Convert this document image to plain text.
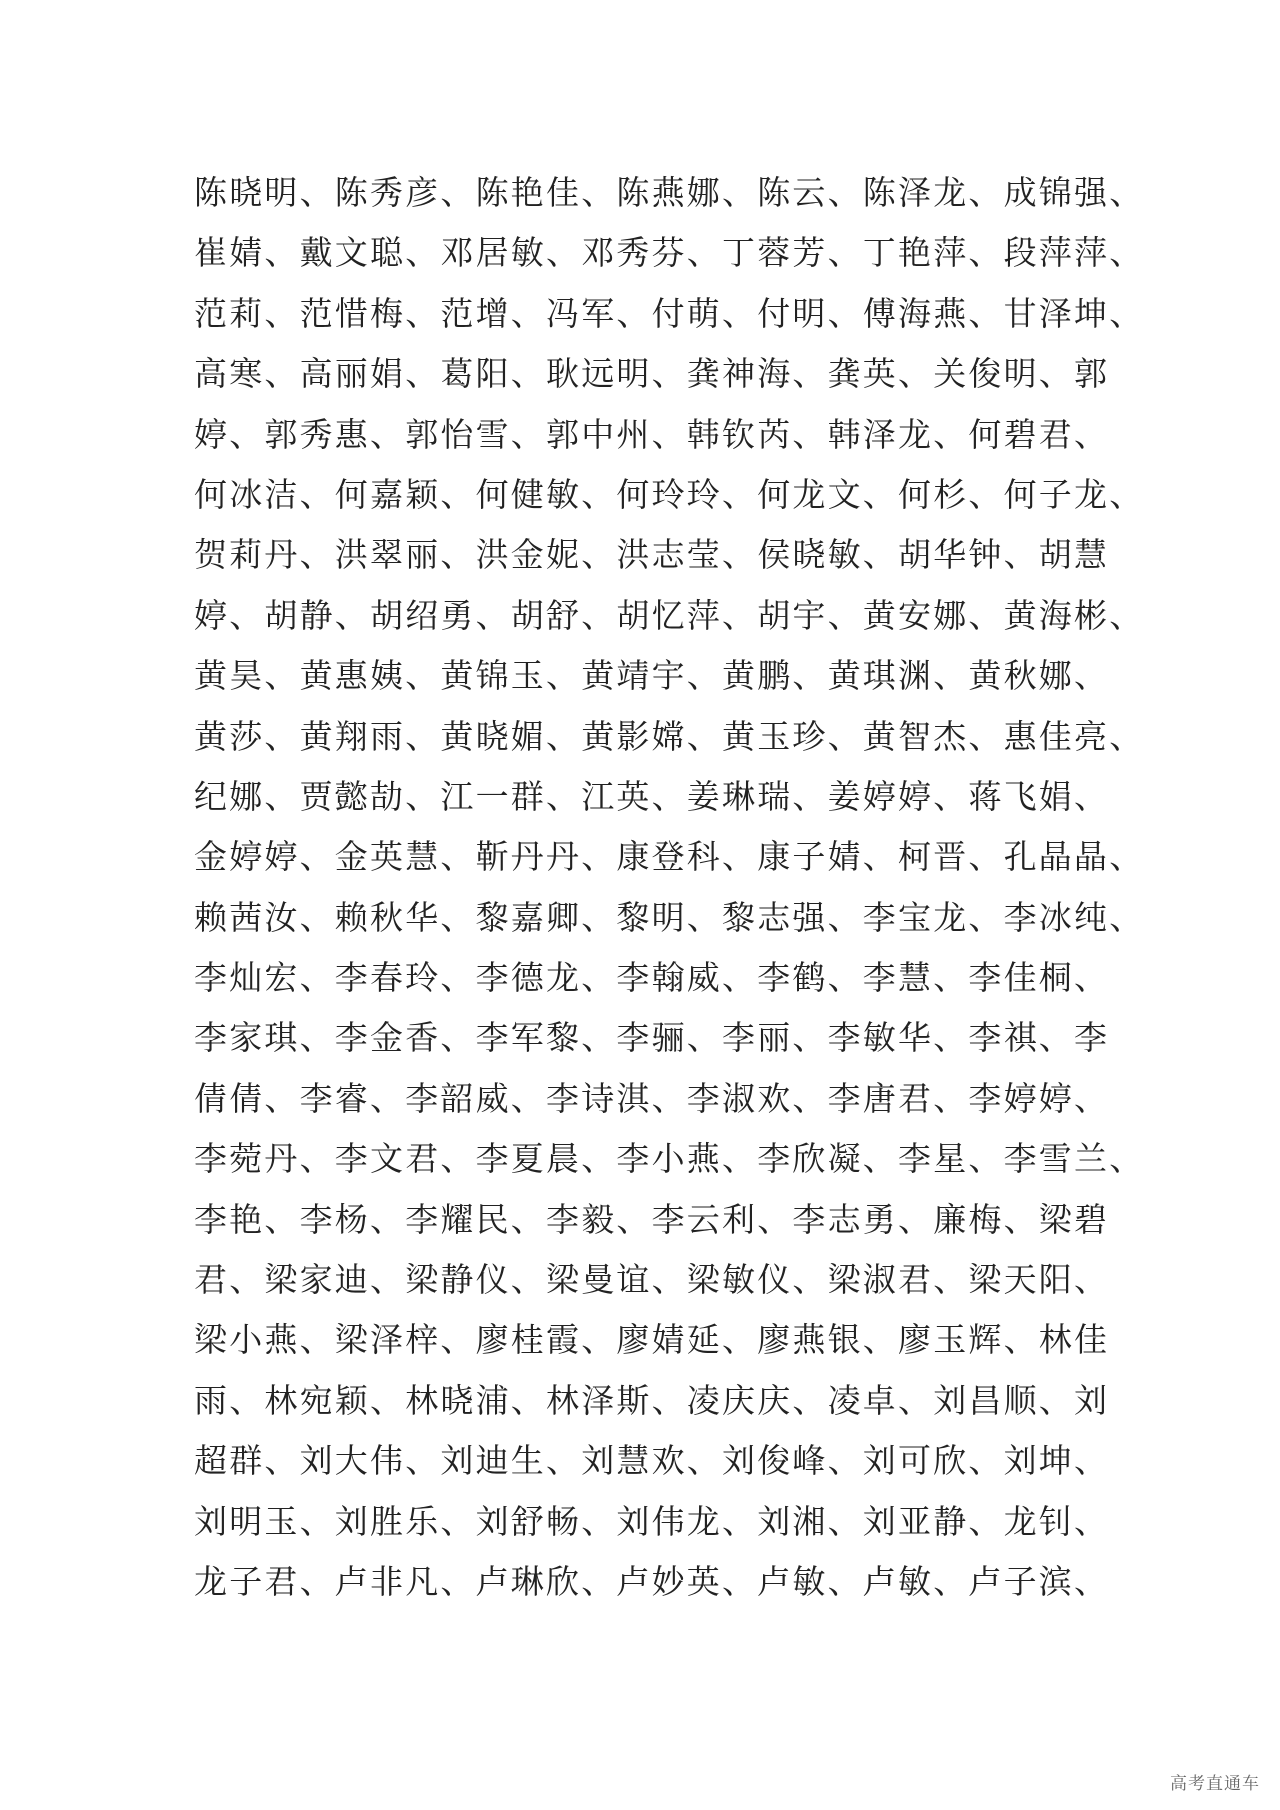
陈晓明、陈秀彦、陈艳佳、陈燕娜、陈云、陈泽龙、成锦强、
崔婧、戴文聪、邓居敏、邓秀芬、丁蓉芳、丁艳萍、段萍萍、
范莉、范惜梅、范增、冯军、付萌、付明、傅海燕、甘泽坤、
高寒、高丽娟、葛阳、耿远明、龚神海、龚英、关俊明、郭
婷、郭秀惠、郭怡雪、郭中州、韩钦芮、韩泽龙、何碧君、
何冰洁、何嘉颖、何健敏、何玲玲、何龙文、何杉、何子龙、
贺莉丹、洪翠丽、洪金妮、洪志莹、侯晓敏、胡华钟、胡慧
婷、胡静、胡绍勇、胡舒、胡忆萍、胡宇、黄安娜、黄海彬、
黄昊、黄惠姨、黄锦玉、黄靖宇、黄鹏、黄琪渊、黄秋娜、
黄莎、黄翔雨、黄晓媚、黄影嫦、黄玉珍、黄智杰、惠佳亮、
纪娜、贾懿劼、江一群、江英、姜琳瑞、姜婷婷、蒋飞娟、
金婷婷、金英慧、靳丹丹、康登科、康子婧、柯晋、孔晶晶、
赖茜汝、赖秋华、黎嘉卿、黎明、黎志强、李宝龙、李冰纯、
李灿宏、李春玲、李德龙、李翰威、李鹤、李慧、李佳桐、
李家琪、李金香、李军黎、李骊、李丽、李敏华、李祺、李
倩倩、李睿、李韶威、李诗淇、李淑欢、李唐君、李婷婷、
李菀丹、李文君、李夏晨、李小燕、李欣凝、李星、李雪兰、
李艳、李杨、李耀民、李毅、李云利、李志勇、廉梅、梁碧
君、梁家迪、梁静仪、梁曼谊、梁敏仪、梁淑君、梁天阳、
梁小燕、梁泽梓、廖桂霞、廖婧延、廖燕银、廖玉辉、林佳
雨、林宛颖、林晓浦、林泽斯、凌庆庆、凌卓、刘昌顺、刘
超群、刘大伟、刘迪生、刘慧欢、刘俊峰、刘可欣、刘坤、
刘明玉、刘胜乐、刘舒畅、刘伟龙、刘湘、刘亚静、龙钊、
龙子君、卢非凡、卢琳欣、卢妙英、卢敏、卢敏、卢子滨、
高考直通车
